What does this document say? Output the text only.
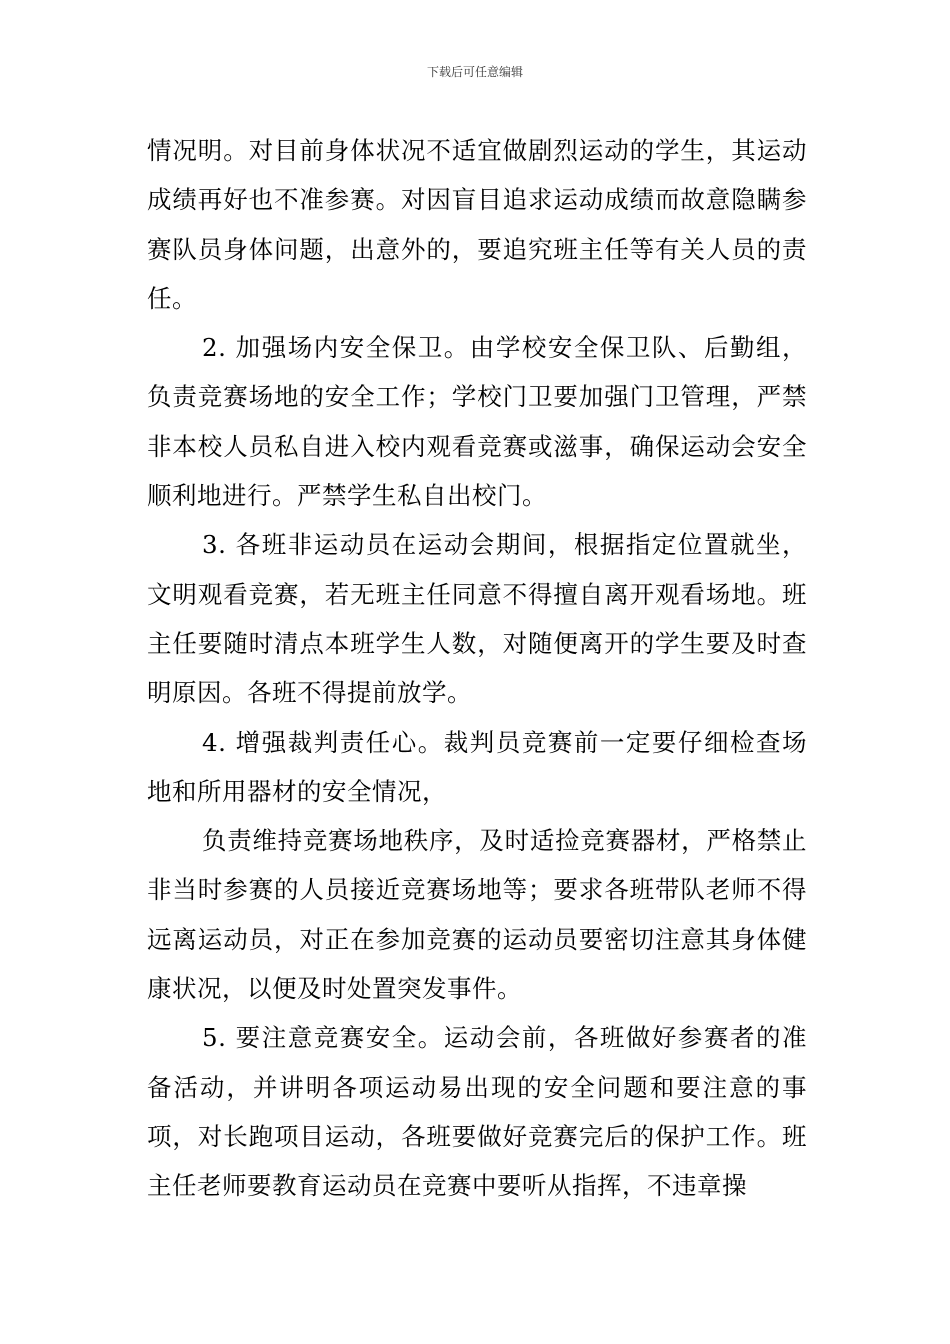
下载后可任意编辑

情况明。对目前身体状况不适宜做剧烈运动的学生，其运动成绩再好也不准参赛。对因盲目追求运动成绩而故意隐瞒参赛队员身体问题，出意外的，要追究班主任等有关人员的责任。

2. 加强场内安全保卫。由学校安全保卫队、后勤组，负责竞赛场地的安全工作；学校门卫要加强门卫管理，严禁非本校人员私自进入校内观看竞赛或滋事，确保运动会安全顺利地进行。严禁学生私自出校门。

3. 各班非运动员在运动会期间，根据指定位置就坐，文明观看竞赛，若无班主任同意不得擅自离开观看场地。班主任要随时清点本班学生人数，对随便离开的学生要及时查明原因。各班不得提前放学。

4. 增强裁判责任心。裁判员竞赛前一定要仔细检查场地和所用器材的安全情况，

负责维持竞赛场地秩序，及时适捡竞赛器材，严格禁止非当时参赛的人员接近竞赛场地等；要求各班带队老师不得远离运动员，对正在参加竞赛的运动员要密切注意其身体健康状况，以便及时处置突发事件。

5. 要注意竞赛安全。运动会前，各班做好参赛者的准备活动，并讲明各项运动易出现的安全问题和要注意的事项，对长跑项目运动，各班要做好竞赛完后的保护工作。班主任老师要教育运动员在竞赛中要听从指挥，不违章操
